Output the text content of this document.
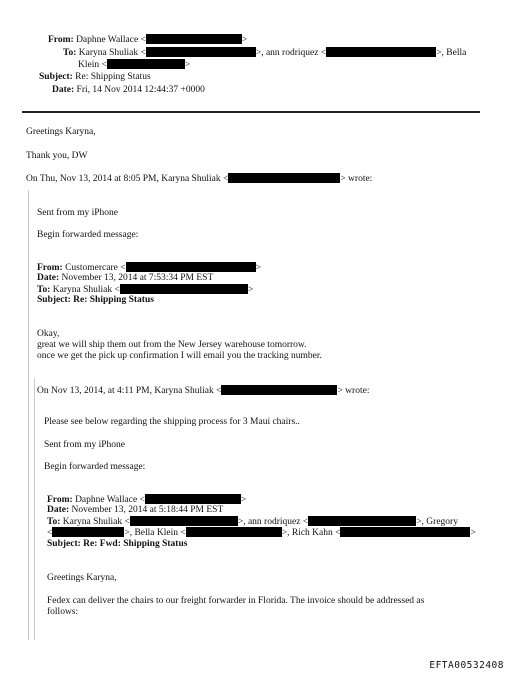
From: Daphne Wallace <	>
To: Karyna Shuliak <	>, ann rodriquez <	>, Bella
Klein <	>
Subject: Re: Shipping Status
Date: Fri, 14 Nov 2014 12:44:37 +0000
Greetings Karyna,
Thank you, DW
On Thu, Nov 13, 2014 at 8:05 PM, Karyna Shuliak <	> wrote:
Sent from my iPhone
Begin forwarded message:
From: Customercare <	>
Date: November 13, 2014 at 7:53:34 PM EST
To: Karyna Shuliak <	>
Subject: Re: Shipping Status
Okay,
great we will ship them out from the New Jersey warehouse tomorrow.
once we get the pick up confirmation I will email you the tracking number.
On Nov 13, 2014, at 4:11 PM, Karyna Shuliak <	> wrote:
Please see below regarding the shipping process for 3 Maui chairs..
Sent from my iPhone
Begin forwarded message:
From: Daphne Wallace <	>
Date: November 13, 2014 at 5:18:44 PM EST
To: Karyna Shuliak <	>, ann rodriquez <	>, Gregory
<	>, Bella Klein <	>, Rich Kahn <	>
Subject: Re: Fwd: Shipping Status
Greetings Karyna,
Fedex can deliver the chairs to our freight forwarder in Florida. The invoice should be addressed as
follows:
EFTA00532408
